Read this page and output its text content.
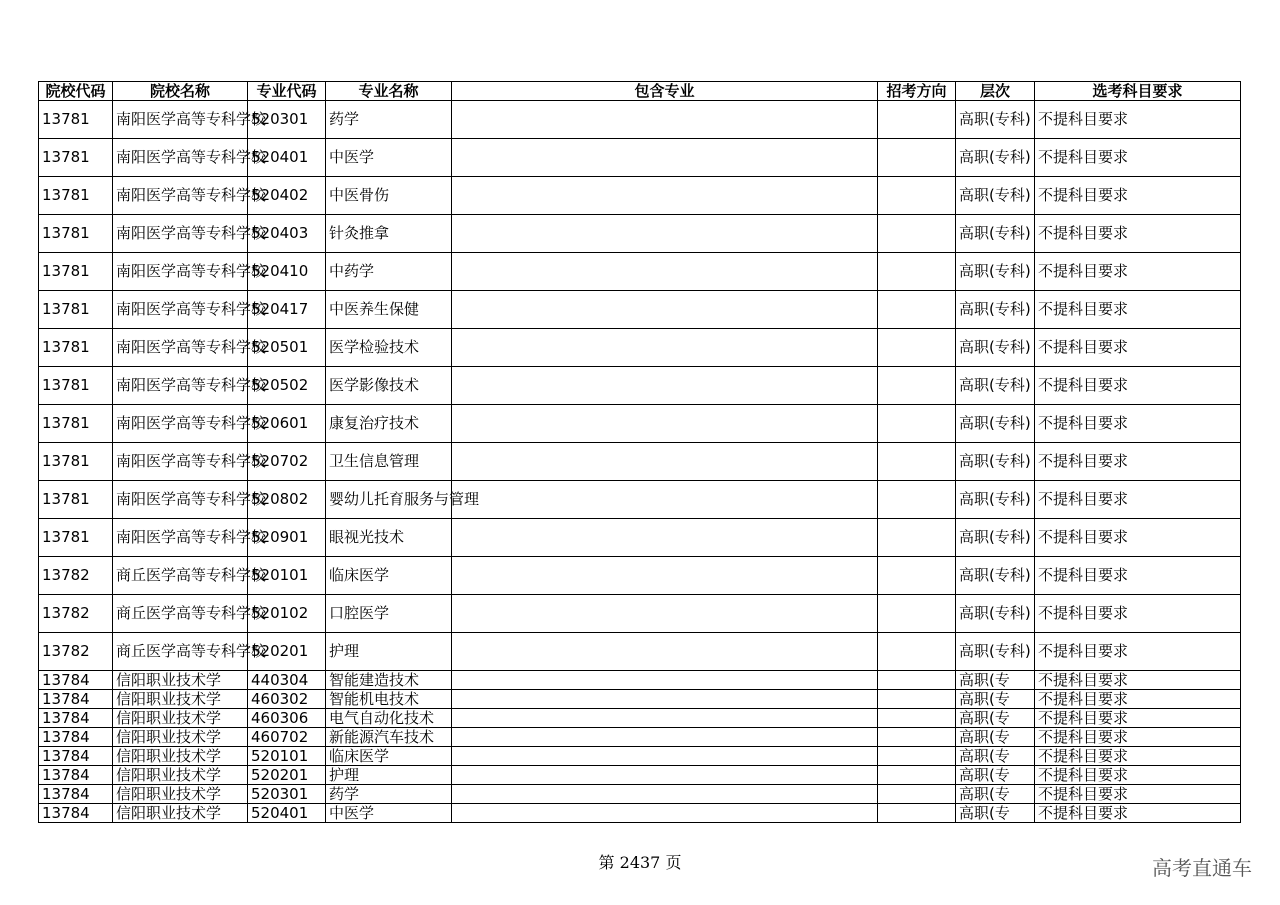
院校代码	院校名称	专业代码	专业名称	包含专业	招考方向	层次	选考科目要求
13781	南阳医学高等专科学校	520301	药学			高职(专科)	不提科目要求
13781	南阳医学高等专科学校	520401	中医学			高职(专科)	不提科目要求
13781	南阳医学高等专科学校	520402	中医骨伤			高职(专科)	不提科目要求
13781	南阳医学高等专科学校	520403	针灸推拿			高职(专科)	不提科目要求
13781	南阳医学高等专科学校	520410	中药学			高职(专科)	不提科目要求
13781	南阳医学高等专科学校	520417	中医养生保健			高职(专科)	不提科目要求
13781	南阳医学高等专科学校	520501	医学检验技术			高职(专科)	不提科目要求
13781	南阳医学高等专科学校	520502	医学影像技术			高职(专科)	不提科目要求
13781	南阳医学高等专科学校	520601	康复治疗技术			高职(专科)	不提科目要求
13781	南阳医学高等专科学校	520702	卫生信息管理			高职(专科)	不提科目要求
13781	南阳医学高等专科学校	520802	婴幼儿托育服务与管理			高职(专科)	不提科目要求
13781	南阳医学高等专科学校	520901	眼视光技术			高职(专科)	不提科目要求
13782	商丘医学高等专科学校	520101	临床医学			高职(专科)	不提科目要求
13782	商丘医学高等专科学校	520102	口腔医学			高职(专科)	不提科目要求
13782	商丘医学高等专科学校	520201	护理			高职(专科)	不提科目要求
13784	信阳职业技术学	440304	智能建造技术			高职(专	不提科目要求
13784	信阳职业技术学	460302	智能机电技术			高职(专	不提科目要求
13784	信阳职业技术学	460306	电气自动化技术			高职(专	不提科目要求
13784	信阳职业技术学	460702	新能源汽车技术			高职(专	不提科目要求
13784	信阳职业技术学	520101	临床医学			高职(专	不提科目要求
13784	信阳职业技术学	520201	护理			高职(专	不提科目要求
13784	信阳职业技术学	520301	药学			高职(专	不提科目要求
13784	信阳职业技术学	520401	中医学			高职(专	不提科目要求
第 2437 页	高考直通车
